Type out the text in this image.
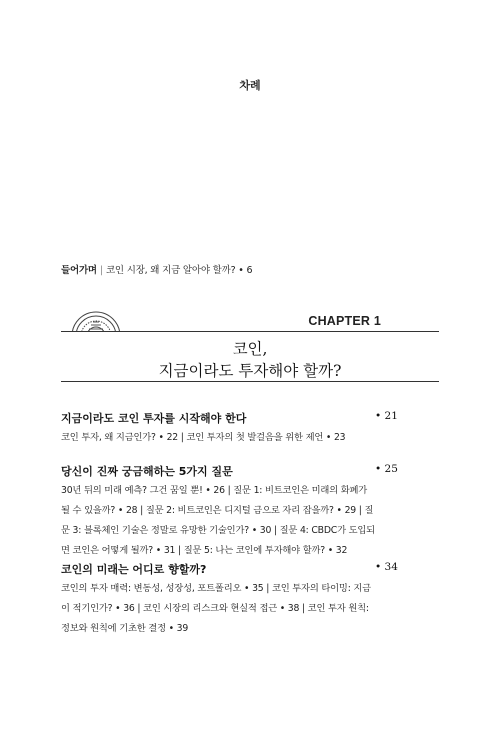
차례
들어가며 | 코인 시장, 왜 지금 알아야 할까? • 6
CHAPTER 1
코인,
지금이라도 투자해야 할까?
지금이라도 코인 투자를 시작해야 한다	• 21
코인 투자, 왜 지금인가? • 22 | 코인 투자의 첫 발걸음을 위한 제언 • 23
당신이 진짜 궁금해하는 5가지 질문	• 25
30년 뒤의 미래 예측? 그건 꿈일 뿐! • 26 | 질문 1: 비트코인은 미래의 화폐가
될 수 있을까? • 28 | 질문 2: 비트코인은 디지털 금으로 자리 잡을까? • 29 | 질
문 3: 블록체인 기술은 정말로 유망한 기술인가? • 30 | 질문 4: CBDC가 도입되
면 코인은 어떻게 될까? • 31 | 질문 5: 나는 코인에 투자해야 할까? • 32
코인의 미래는 어디로 향할까?	• 34
코인의 투자 매력: 변동성, 성장성, 포트폴리오 • 35 | 코인 투자의 타이밍: 지금
이 적기인가? • 36 | 코인 시장의 리스크와 현실적 접근 • 38 | 코인 투자 원칙:
정보와 원칙에 기초한 결정 • 39
